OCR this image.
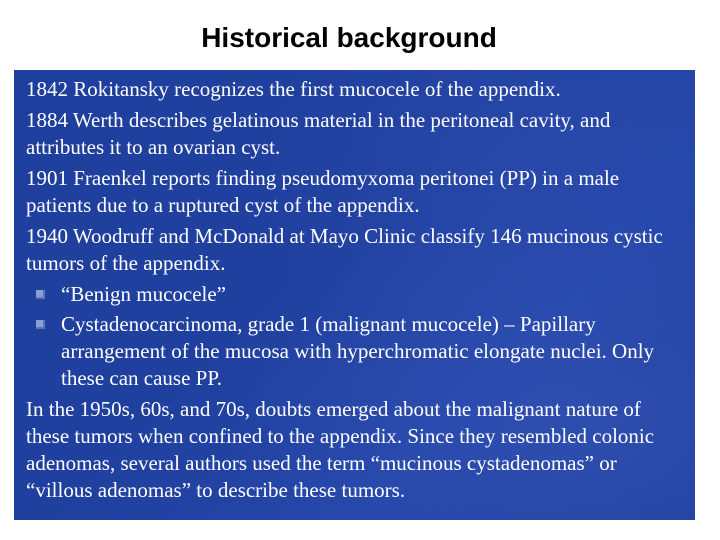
Historical background

1842 Rokitansky recognizes the first mucocele of the appendix.

1884 Werth describes gelatinous material in the peritoneal cavity, and attributes it to an ovarian cyst.

1901 Fraenkel reports finding pseudomyxoma peritonei (PP) in a male patients due to a ruptured cyst of the appendix.

1940 Woodruff and McDonald at Mayo Clinic classify 146 mucinous cystic tumors of the appendix.

“Benign mucocele”
Cystadenocarcinoma, grade 1 (malignant mucocele) – Papillary arrangement of the mucosa with hyperchromatic elongate nuclei. Only these can cause PP.

In the 1950s, 60s, and 70s, doubts emerged about the malignant nature of these tumors when confined to the appendix. Since they resembled colonic adenomas, several authors used the term “mucinous cystadenomas” or “villous adenomas” to describe these tumors.
